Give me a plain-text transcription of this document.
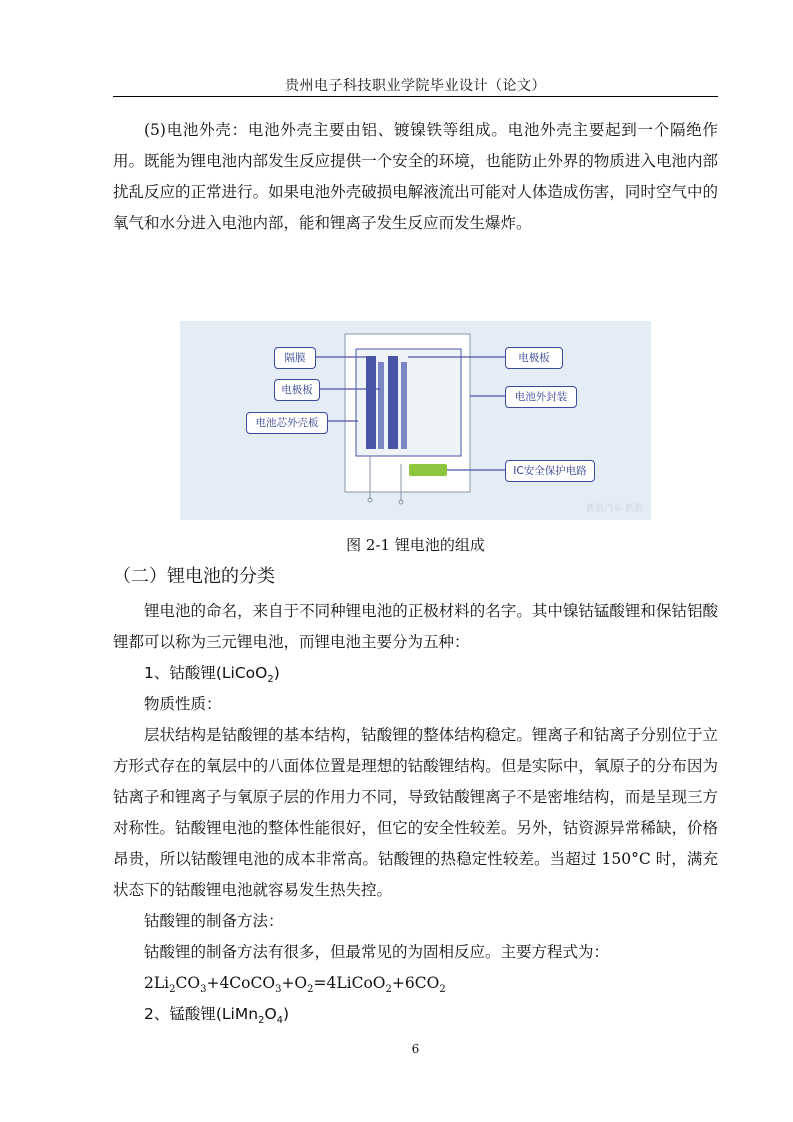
贵州电子科技职业学院毕业设计（论文）
(5)电池外壳：电池外壳主要由铝、镀镍铁等组成。电池外壳主要起到一个隔绝作用。既能为锂电池内部发生反应提供一个安全的环境，也能防止外界的物质进入电池内部扰乱反应的正常进行。如果电池外壳破损电解液流出可能对人体造成伤害，同时空气中的氧气和水分进入电池内部，能和锂离子发生反应而发生爆炸。
隔膜
电极板
电池芯外壳板
电极板
电池外封装
IC安全保护电路
新浪汽车·新浪
图 2-1 锂电池的组成
（二）锂电池的分类
锂电池的命名，来自于不同种锂电池的正极材料的名字。其中镍钴锰酸锂和保钴铝酸锂都可以称为三元锂电池，而锂电池主要分为五种：
1、钴酸锂(LiCoO$_2$)
物质性质：
层状结构是钴酸锂的基本结构，钴酸锂的整体结构稳定。锂离子和钴离子分别位于立方形式存在的氧层中的八面体位置是理想的钴酸锂结构。但是实际中，氧原子的分布因为钴离子和锂离子与氧原子层的作用力不同，导致钴酸锂离子不是密堆结构，而是呈现三方对称性。钴酸锂电池的整体性能很好，但它的安全性较差。另外，钴资源异常稀缺，价格昂贵，所以钴酸锂电池的成本非常高。钴酸锂的热稳定性较差。当超过 150°C 时，满充状态下的钴酸锂电池就容易发生热失控。
钴酸锂的制备方法：
钴酸锂的制备方法有很多，但最常见的为固相反应。主要方程式为：
$2Li_2CO_3+4CoCO_3+O_2=4LiCoO_2+6CO_2$
2、锰酸锂$(LiMn_2O_4)$
6
